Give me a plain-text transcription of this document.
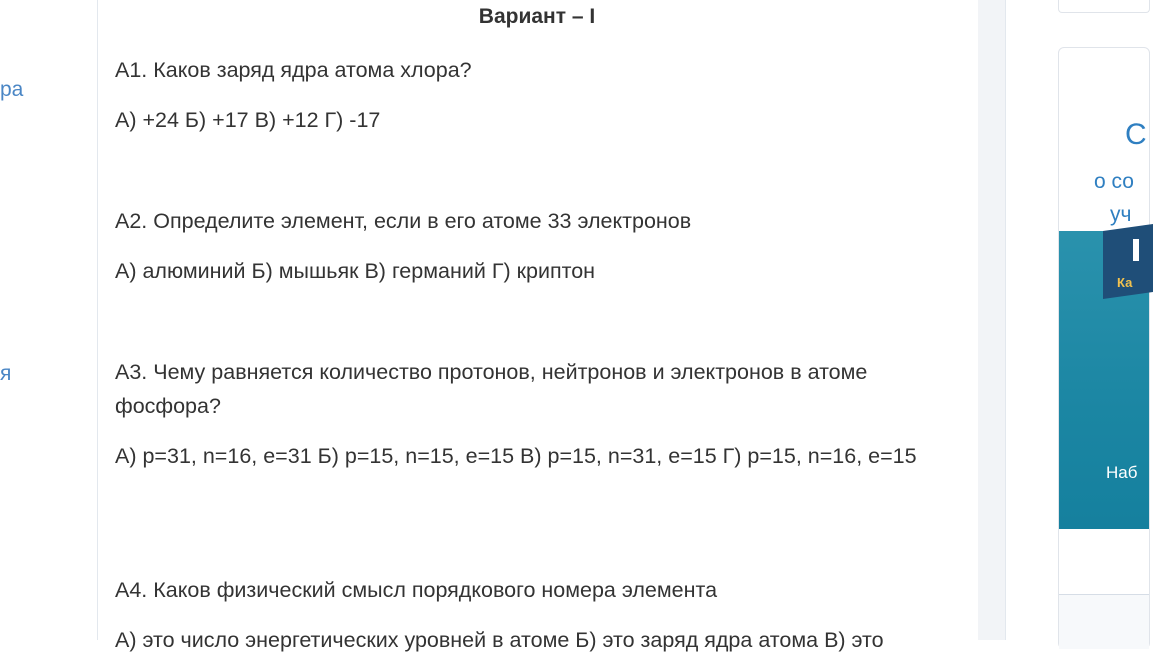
ра
я
Вариант – I
А1. Каков заряд ядра атома хлора?
А) +24 Б) +17 В) +12 Г) -17
А2. Определите элемент, если в его атоме 33 электронов
А) алюминий Б) мышьяк В) германий Г) криптон
А3. Чему равняется количество протонов, нейтронов и электронов в атоме фосфора?
А) p=31, n=16, e=31 Б) p=15, n=15, e=15 В) p=15, n=31, e=15 Г) p=15, n=16, e=15
А4. Каков физический смысл порядкового номера элемента
А) это число энергетических уровней в атоме Б) это заряд ядра атома В) это
С
о со
уч
Ка
Наб
